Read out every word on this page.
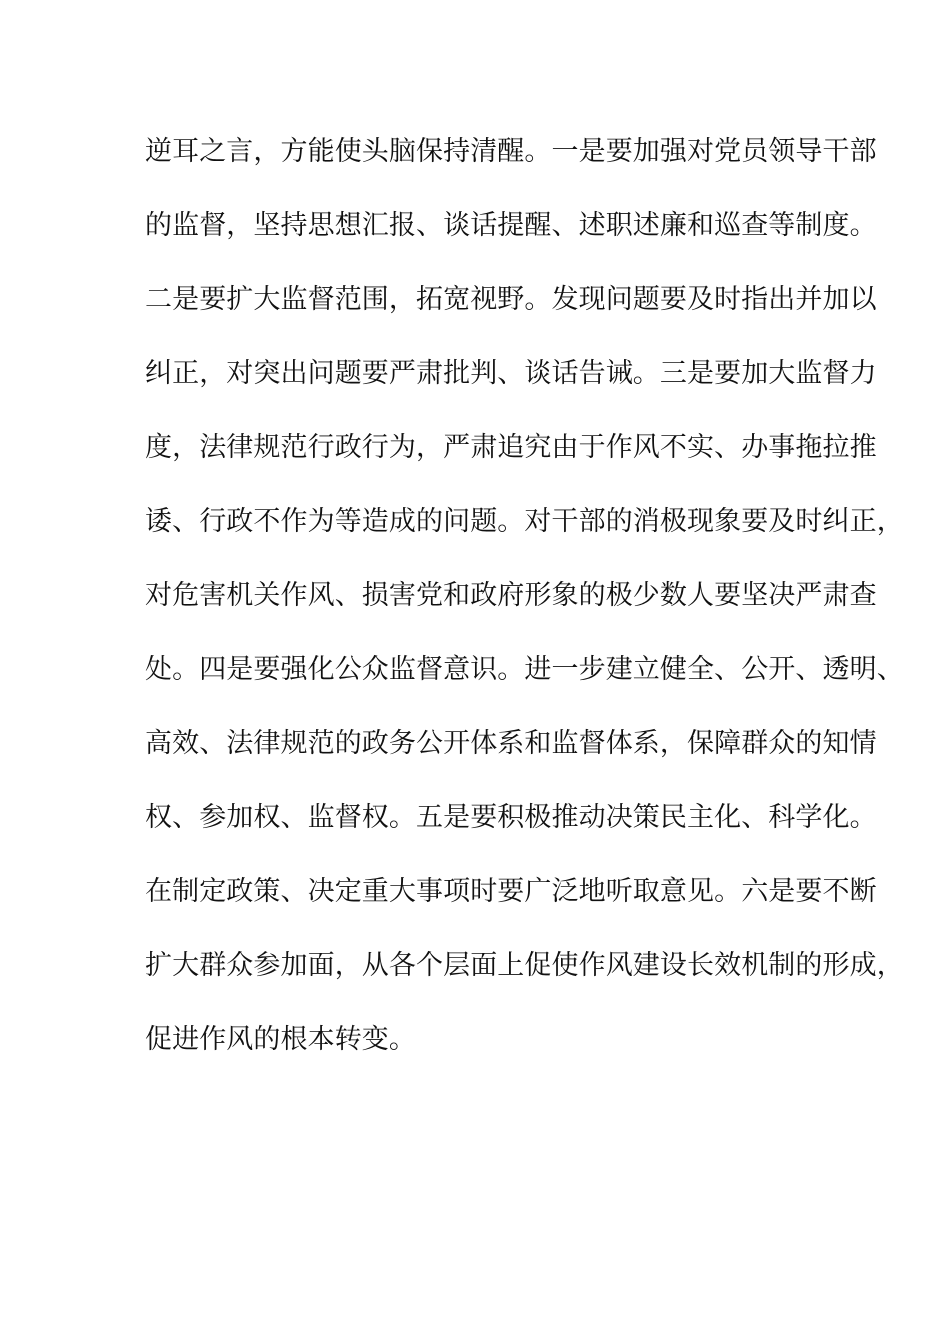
逆耳之言，方能使头脑保持清醒。一是要加强对党员领导干部
的监督，坚持思想汇报、谈话提醒、述职述廉和巡查等制度。
二是要扩大监督范围，拓宽视野。发现问题要及时指出并加以
纠正，对突出问题要严肃批判、谈话告诫。三是要加大监督力
度，法律规范行政行为，严肃追究由于作风不实、办事拖拉推
诿、行政不作为等造成的问题。对干部的消极现象要及时纠正，
对危害机关作风、损害党和政府形象的极少数人要坚决严肃查
处。四是要强化公众监督意识。进一步建立健全、公开、透明、
高效、法律规范的政务公开体系和监督体系，保障群众的知情
权、参加权、监督权。五是要积极推动决策民主化、科学化。
在制定政策、决定重大事项时要广泛地听取意见。六是要不断
扩大群众参加面，从各个层面上促使作风建设长效机制的形成，
促进作风的根本转变。
